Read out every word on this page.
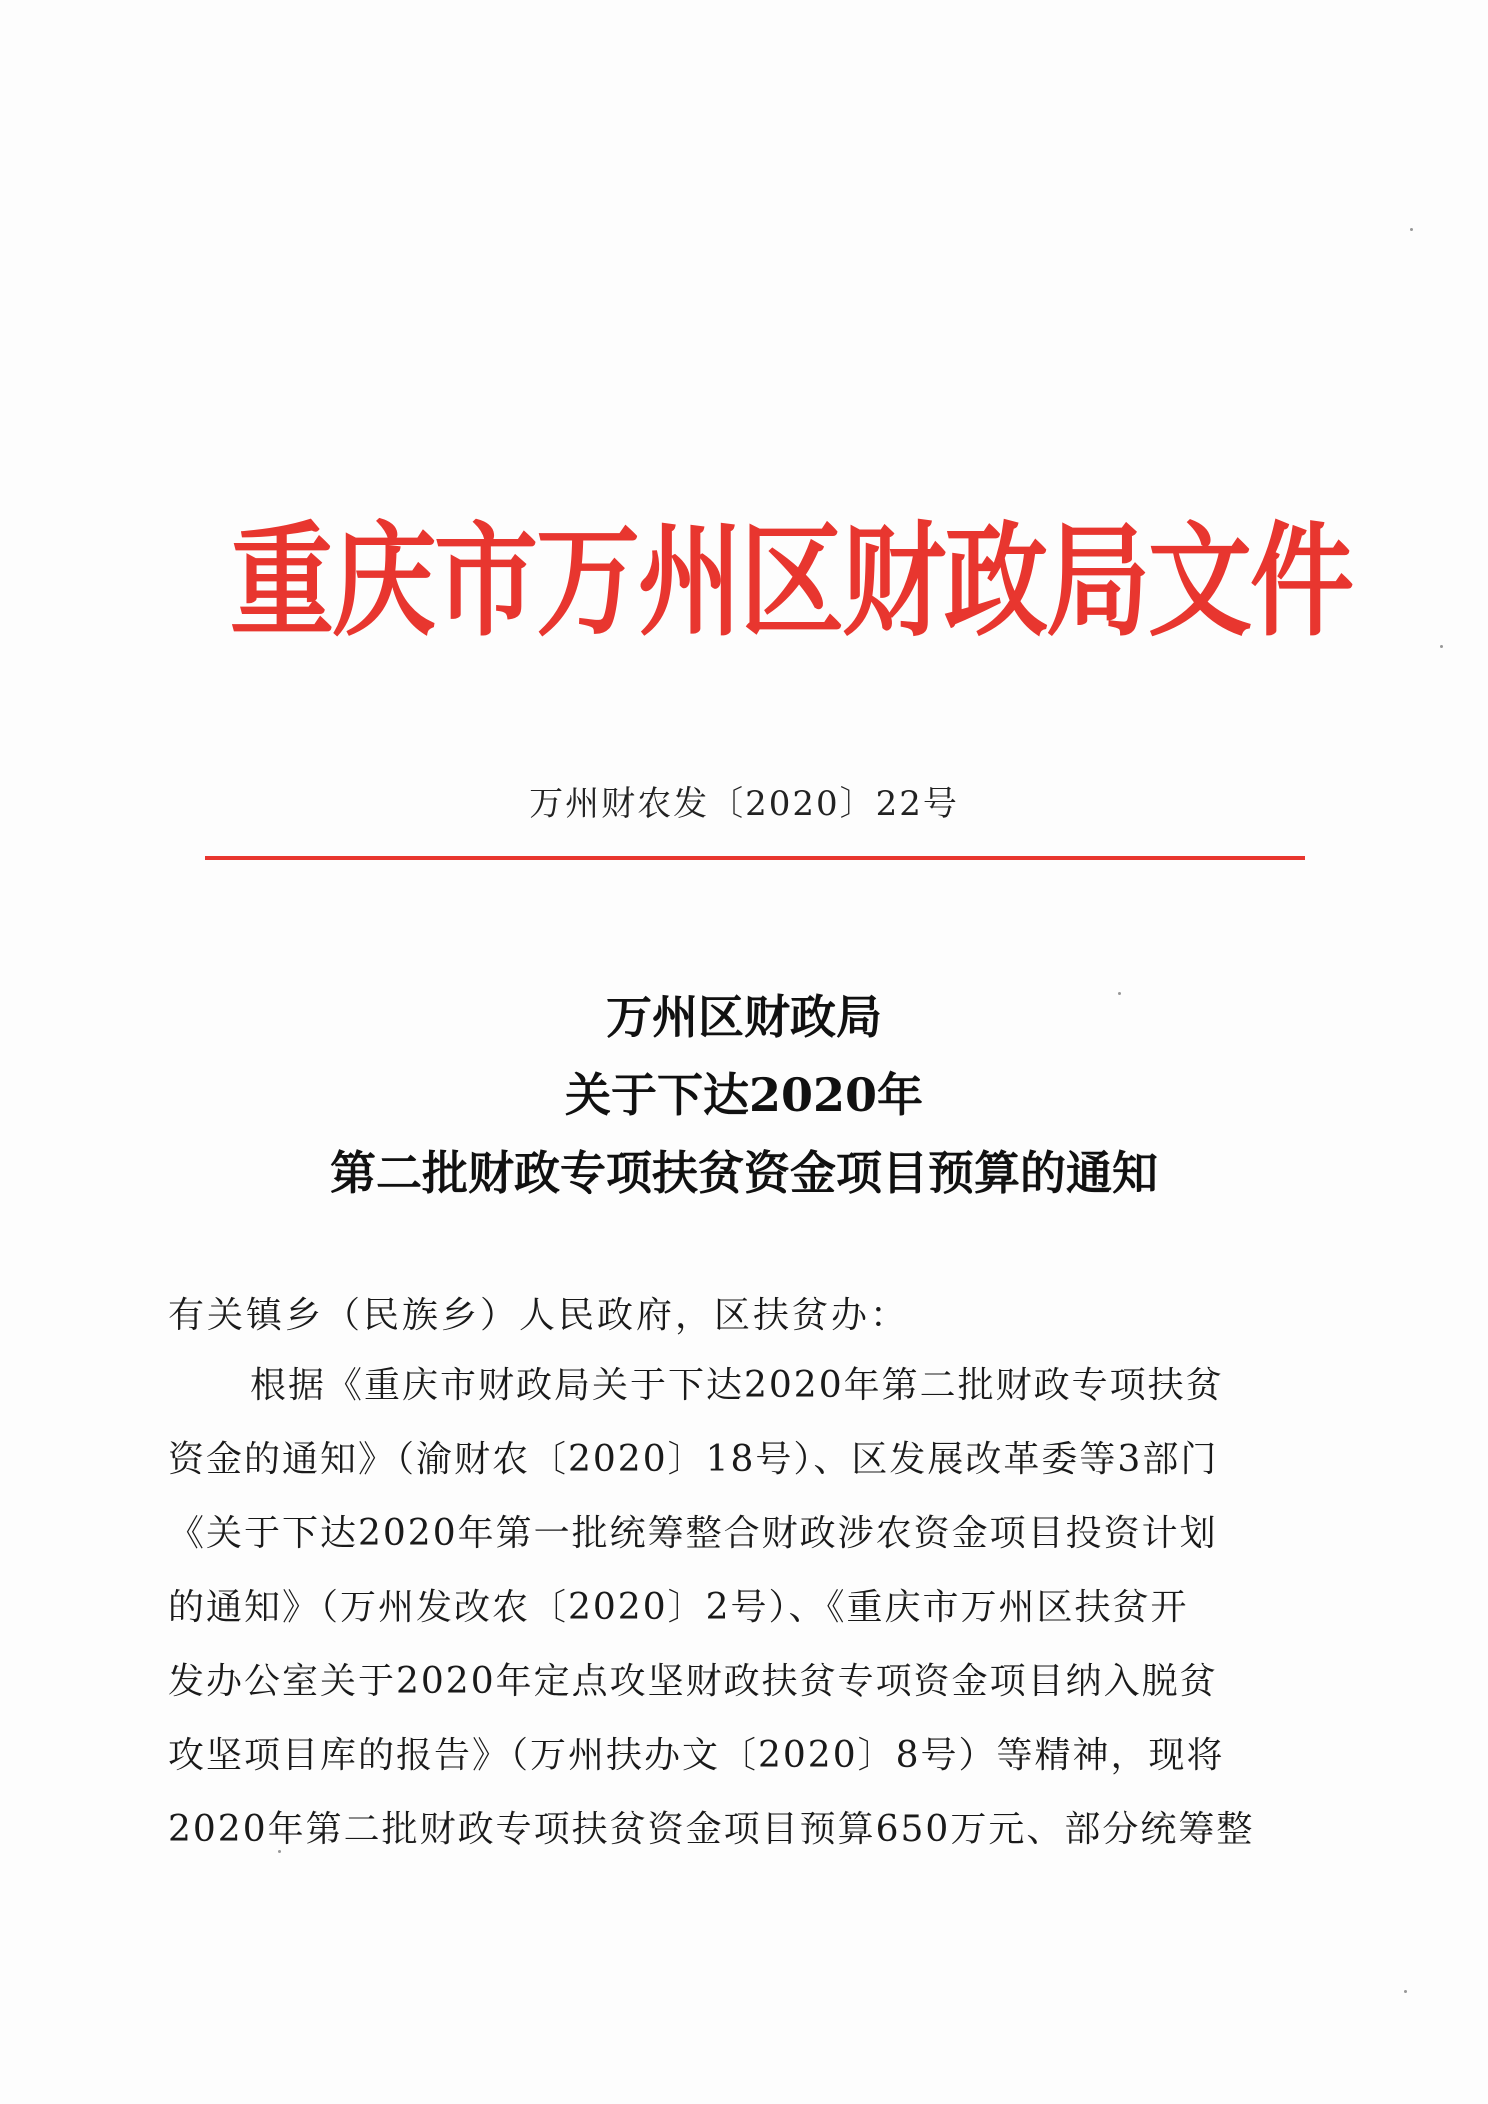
重庆市万州区财政局文件
万州财农发〔2020〕22号
万州区财政局
关于下达2020年
第二批财政专项扶贫资金项目预算的通知
有关镇乡（民族乡）人民政府，区扶贫办：
根据《重庆市财政局关于下达2020年第二批财政专项扶贫
资金的通知》（渝财农〔2020〕18号）、区发展改革委等3部门
《关于下达2020年第一批统筹整合财政涉农资金项目投资计划
的通知》（万州发改农〔2020〕2号）、《重庆市万州区扶贫开
发办公室关于2020年定点攻坚财政扶贫专项资金项目纳入脱贫
攻坚项目库的报告》（万州扶办文〔2020〕8号）等精神，现将
2020年第二批财政专项扶贫资金项目预算650万元、部分统筹整
